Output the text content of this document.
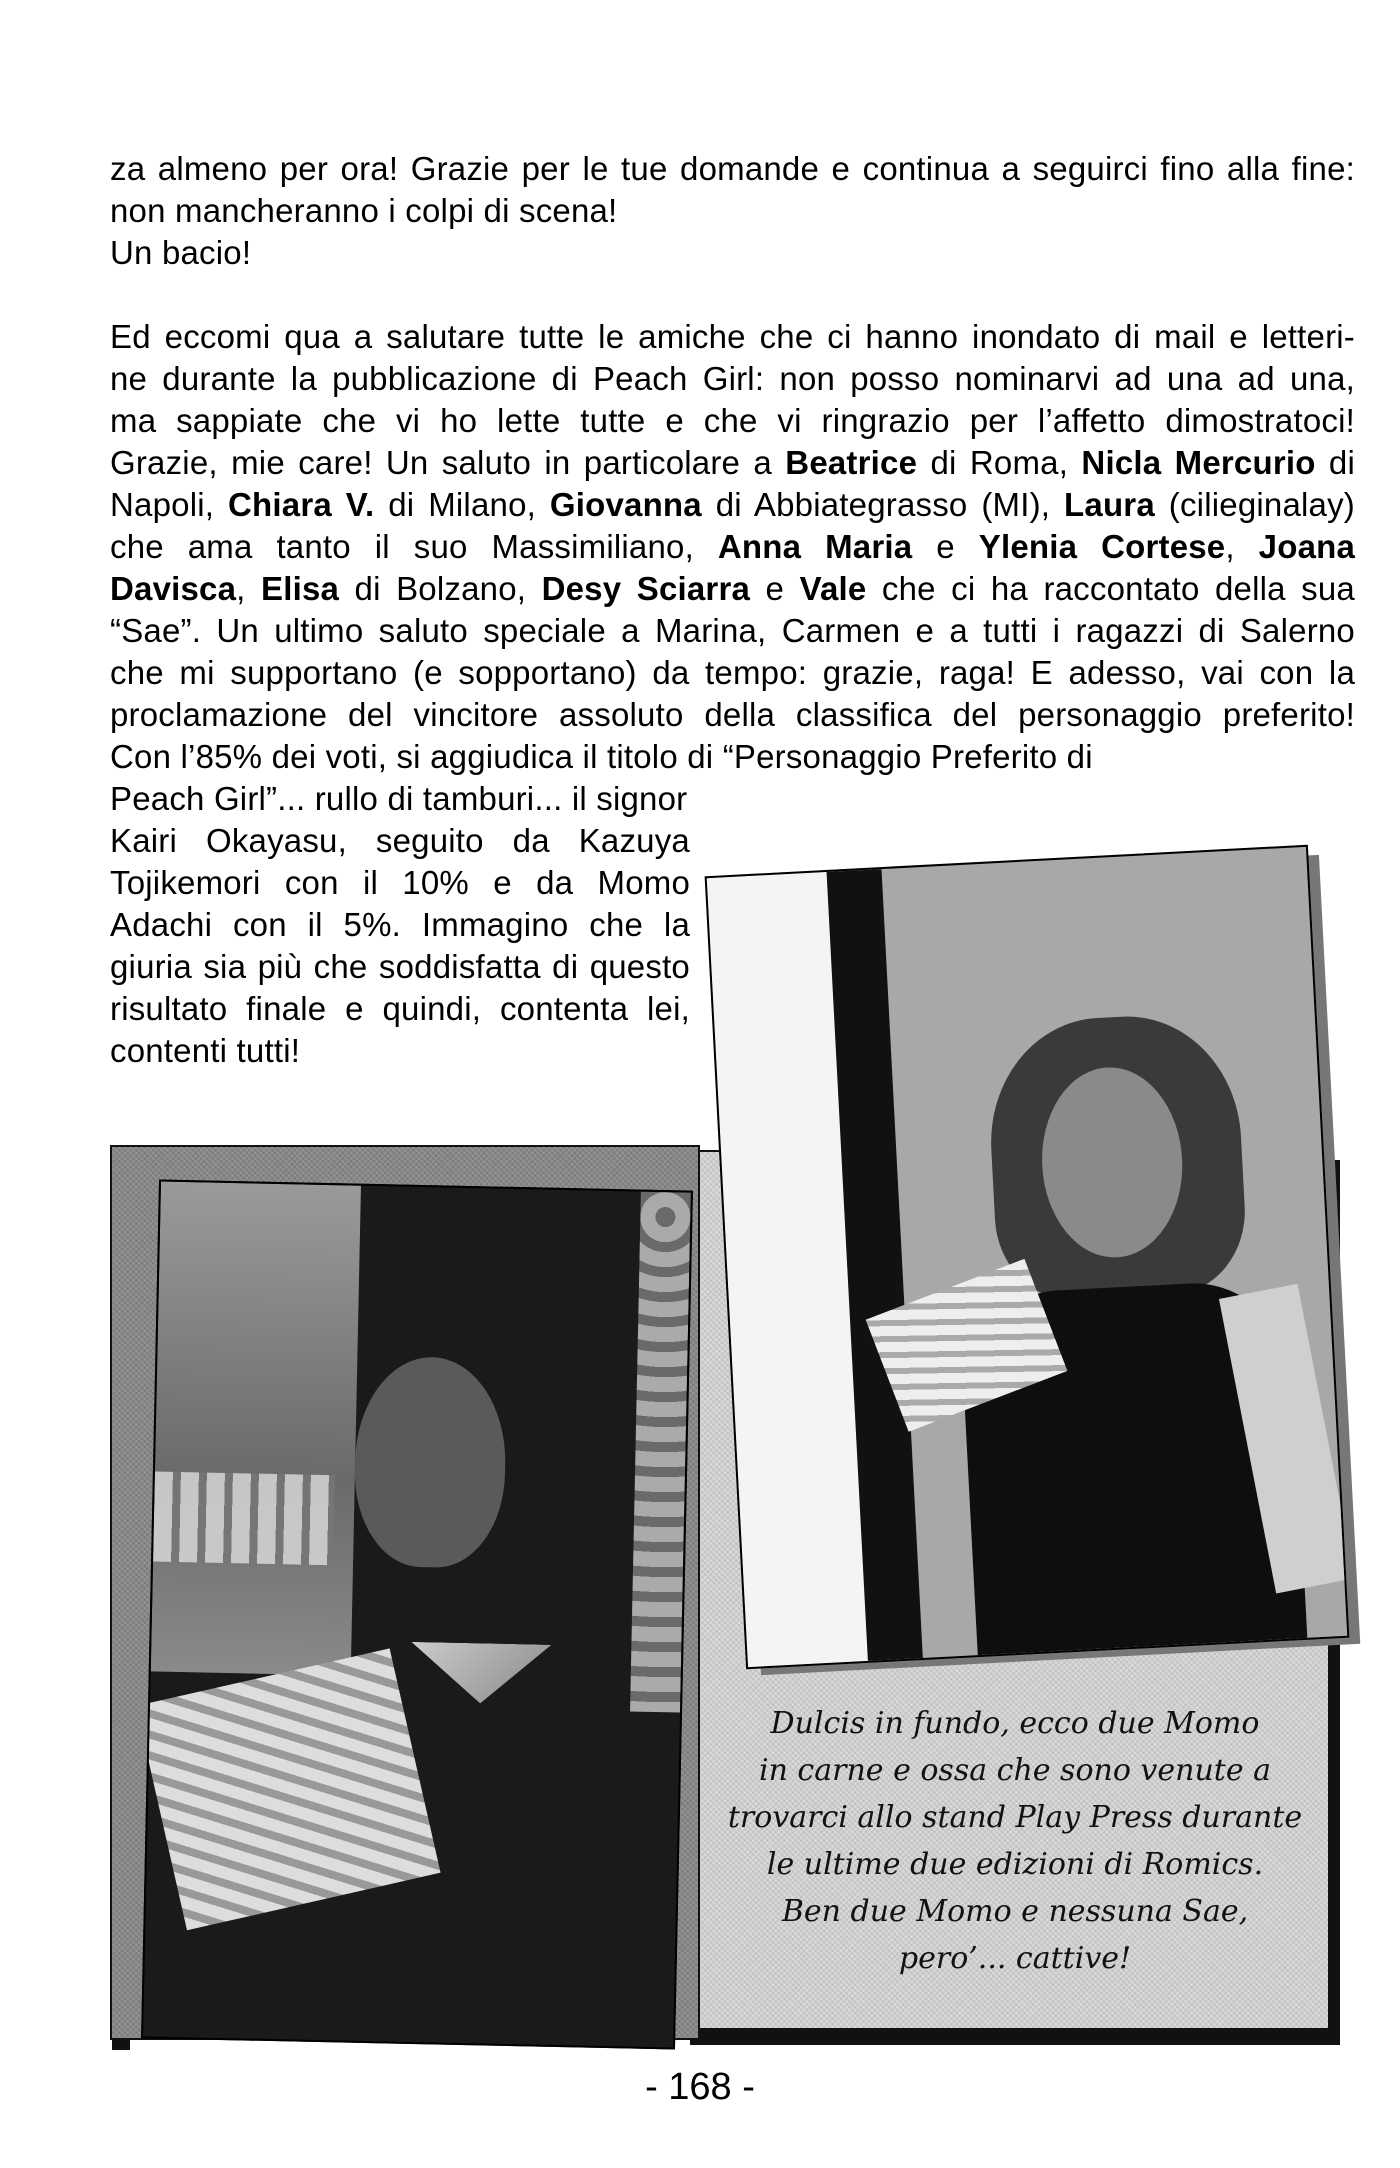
za almeno per ora! Grazie per le tue domande e continua a seguirci fino alla fine:
non mancheranno i colpi di scena!
Un bacio!
Ed eccomi qua a salutare tutte le amiche che ci hanno inondato di mail e letteri-
ne durante la pubblicazione di Peach Girl: non posso nominarvi ad una ad una,
ma sappiate che vi ho lette tutte e che vi ringrazio per l’affetto dimostratoci!
Grazie, mie care! Un saluto in particolare a Beatrice di Roma, Nicla Mercurio di
Napoli, Chiara V. di Milano, Giovanna di Abbiategrasso (MI), Laura (cilieginalay)
che ama tanto il suo Massimiliano, Anna Maria e Ylenia Cortese, Joana
Davisca, Elisa di Bolzano, Desy Sciarra e Vale che ci ha raccontato della sua
“Sae”. Un ultimo saluto speciale a Marina, Carmen e a tutti i ragazzi di Salerno
che mi supportano (e sopportano) da tempo: grazie, raga! E adesso, vai con la
proclamazione del vincitore assoluto della classifica del personaggio preferito!
Con l’85% dei voti, si aggiudica il titolo di “Personaggio Preferito di
Peach Girl”... rullo di tamburi... il signor
Kairi Okayasu, seguito da Kazuya
Tojikemori con il 10% e da Momo
Adachi con il 5%. Immagino che la
giuria sia più che soddisfatta di questo
risultato finale e quindi, contenta lei,
contenti tutti!
Dulcis in fundo, ecco due Momo
in carne e ossa che sono venute a
trovarci allo stand Play Press durante
le ultime due edizioni di Romics.
Ben due Momo e nessuna Sae,
pero’... cattive!
- 168 -
